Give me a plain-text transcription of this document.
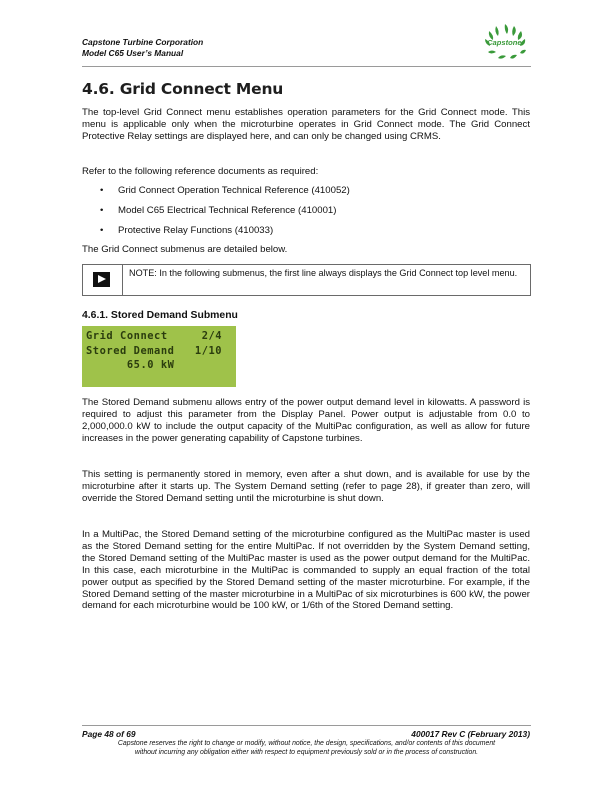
Capstone Turbine Corporation
Model C65 User’s Manual
Capstone
4.6. Grid Connect Menu

The top-level Grid Connect menu establishes operation parameters for the Grid Connect mode. This menu is applicable only when the microturbine operates in Grid Connect mode. The Grid Connect Protective Relay settings are displayed here, and can only be changed using CRMS.

Refer to the following reference documents as required:

• Grid Connect Operation Technical Reference (410052)
• Model C65 Electrical Technical Reference (410001)
• Protective Relay Functions (410033)

The Grid Connect submenus are detailed below.

NOTE: In the following submenus, the first line always displays the Grid Connect top level menu.
4.6.1. Stored Demand Submenu
Grid Connect     2/4
Stored Demand   1/10
65.0 kW

The Stored Demand submenu allows entry of the power output demand level in kilowatts. A password is required to adjust this parameter from the Display Panel. Power output is adjustable from 0.0 to 2,000,000.0 kW to include the output capacity of the MultiPac configuration, as well as allow for future increases in the power generating capability of Capstone turbines.

This setting is permanently stored in memory, even after a shut down, and is available for use by the microturbine after it starts up. The System Demand setting (refer to page 28), if greater than zero, will override the Stored Demand setting until the microturbine is shut down.

In a MultiPac, the Stored Demand setting of the microturbine configured as the MultiPac master is used as the Stored Demand setting for the entire MultiPac. If not overridden by the System Demand setting, the Stored Demand setting of the MultiPac master is used as the power output demand for the MultiPac. In this case, each microturbine in the MultiPac is commanded to supply an equal fraction of the total power output as specified by the Stored Demand setting of the master microturbine. For example, if the Stored Demand setting of the master microturbine in a MultiPac of six microturbines is 600 kW, the power demand for each microturbine would be 100 kW, or 1/6th of the Stored Demand setting.

Page 48 of 69	400017 Rev C (February 2013)
Capstone reserves the right to change or modify, without notice, the design, specifications, and/or contents of this document
without incurring any obligation either with respect to equipment previously sold or in the process of construction.
